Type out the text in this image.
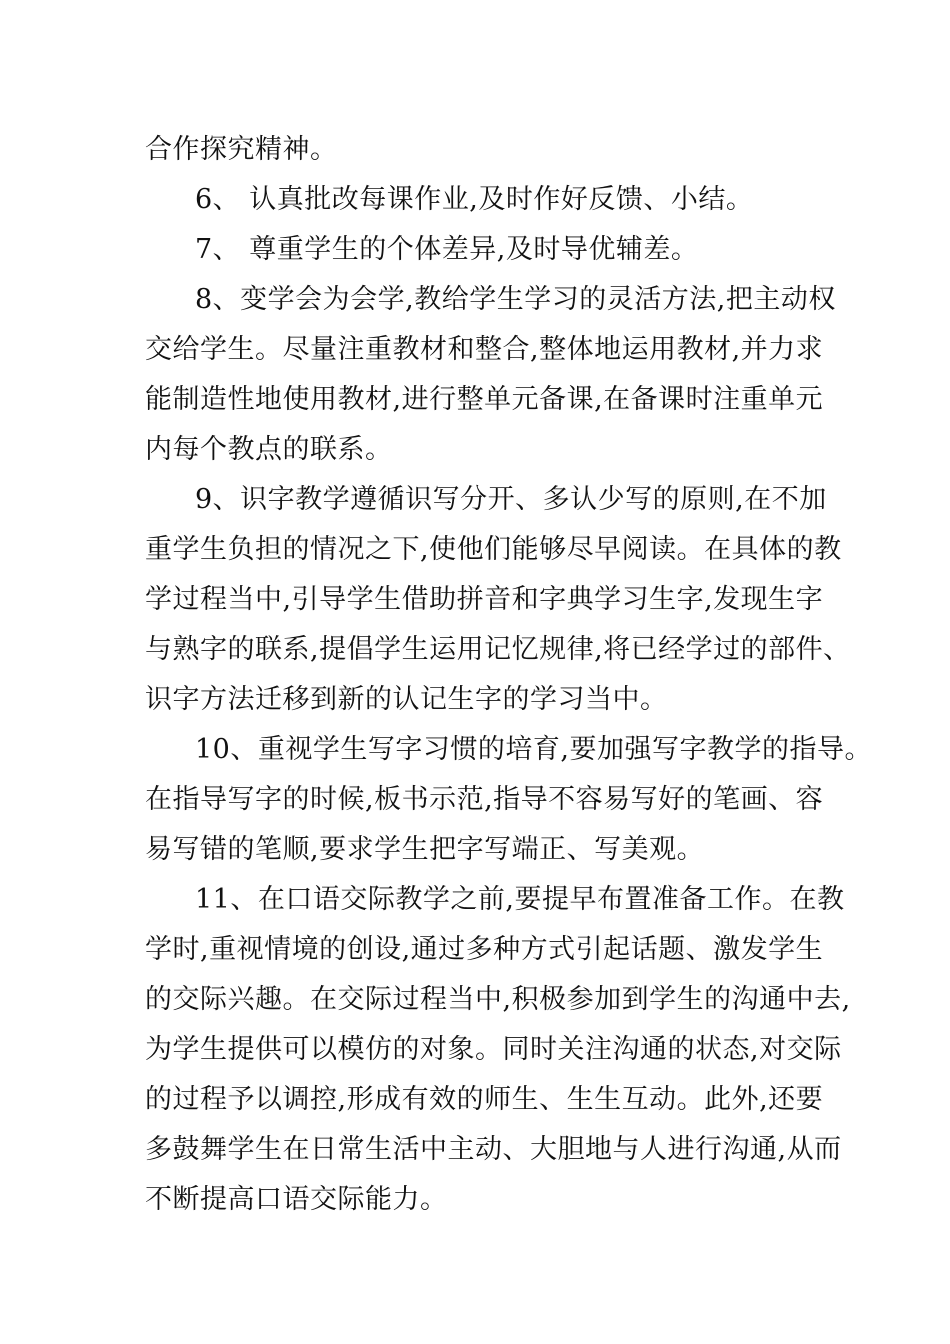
合作探究精神。
6、 认真批改每课作业,及时作好反馈、小结。
7、 尊重学生的个体差异,及时导优辅差。
8、变学会为会学,教给学生学习的灵活方法,把主动权
交给学生。尽量注重教材和整合,整体地运用教材,并力求
能制造性地使用教材,进行整单元备课,在备课时注重单元
内每个教点的联系。
9、识字教学遵循识写分开、多认少写的原则,在不加
重学生负担的情况之下,使他们能够尽早阅读。在具体的教
学过程当中,引导学生借助拼音和字典学习生字,发现生字
与熟字的联系,提倡学生运用记忆规律,将已经学过的部件、
识字方法迁移到新的认记生字的学习当中。
10、重视学生写字习惯的培育,要加强写字教学的指导。
在指导写字的时候,板书示范,指导不容易写好的笔画、容
易写错的笔顺,要求学生把字写端正、写美观。
11、在口语交际教学之前,要提早布置准备工作。在教
学时,重视情境的创设,通过多种方式引起话题、激发学生
的交际兴趣。在交际过程当中,积极参加到学生的沟通中去,
为学生提供可以模仿的对象。同时关注沟通的状态,对交际
的过程予以调控,形成有效的师生、生生互动。此外,还要
多鼓舞学生在日常生活中主动、大胆地与人进行沟通,从而
不断提高口语交际能力。
